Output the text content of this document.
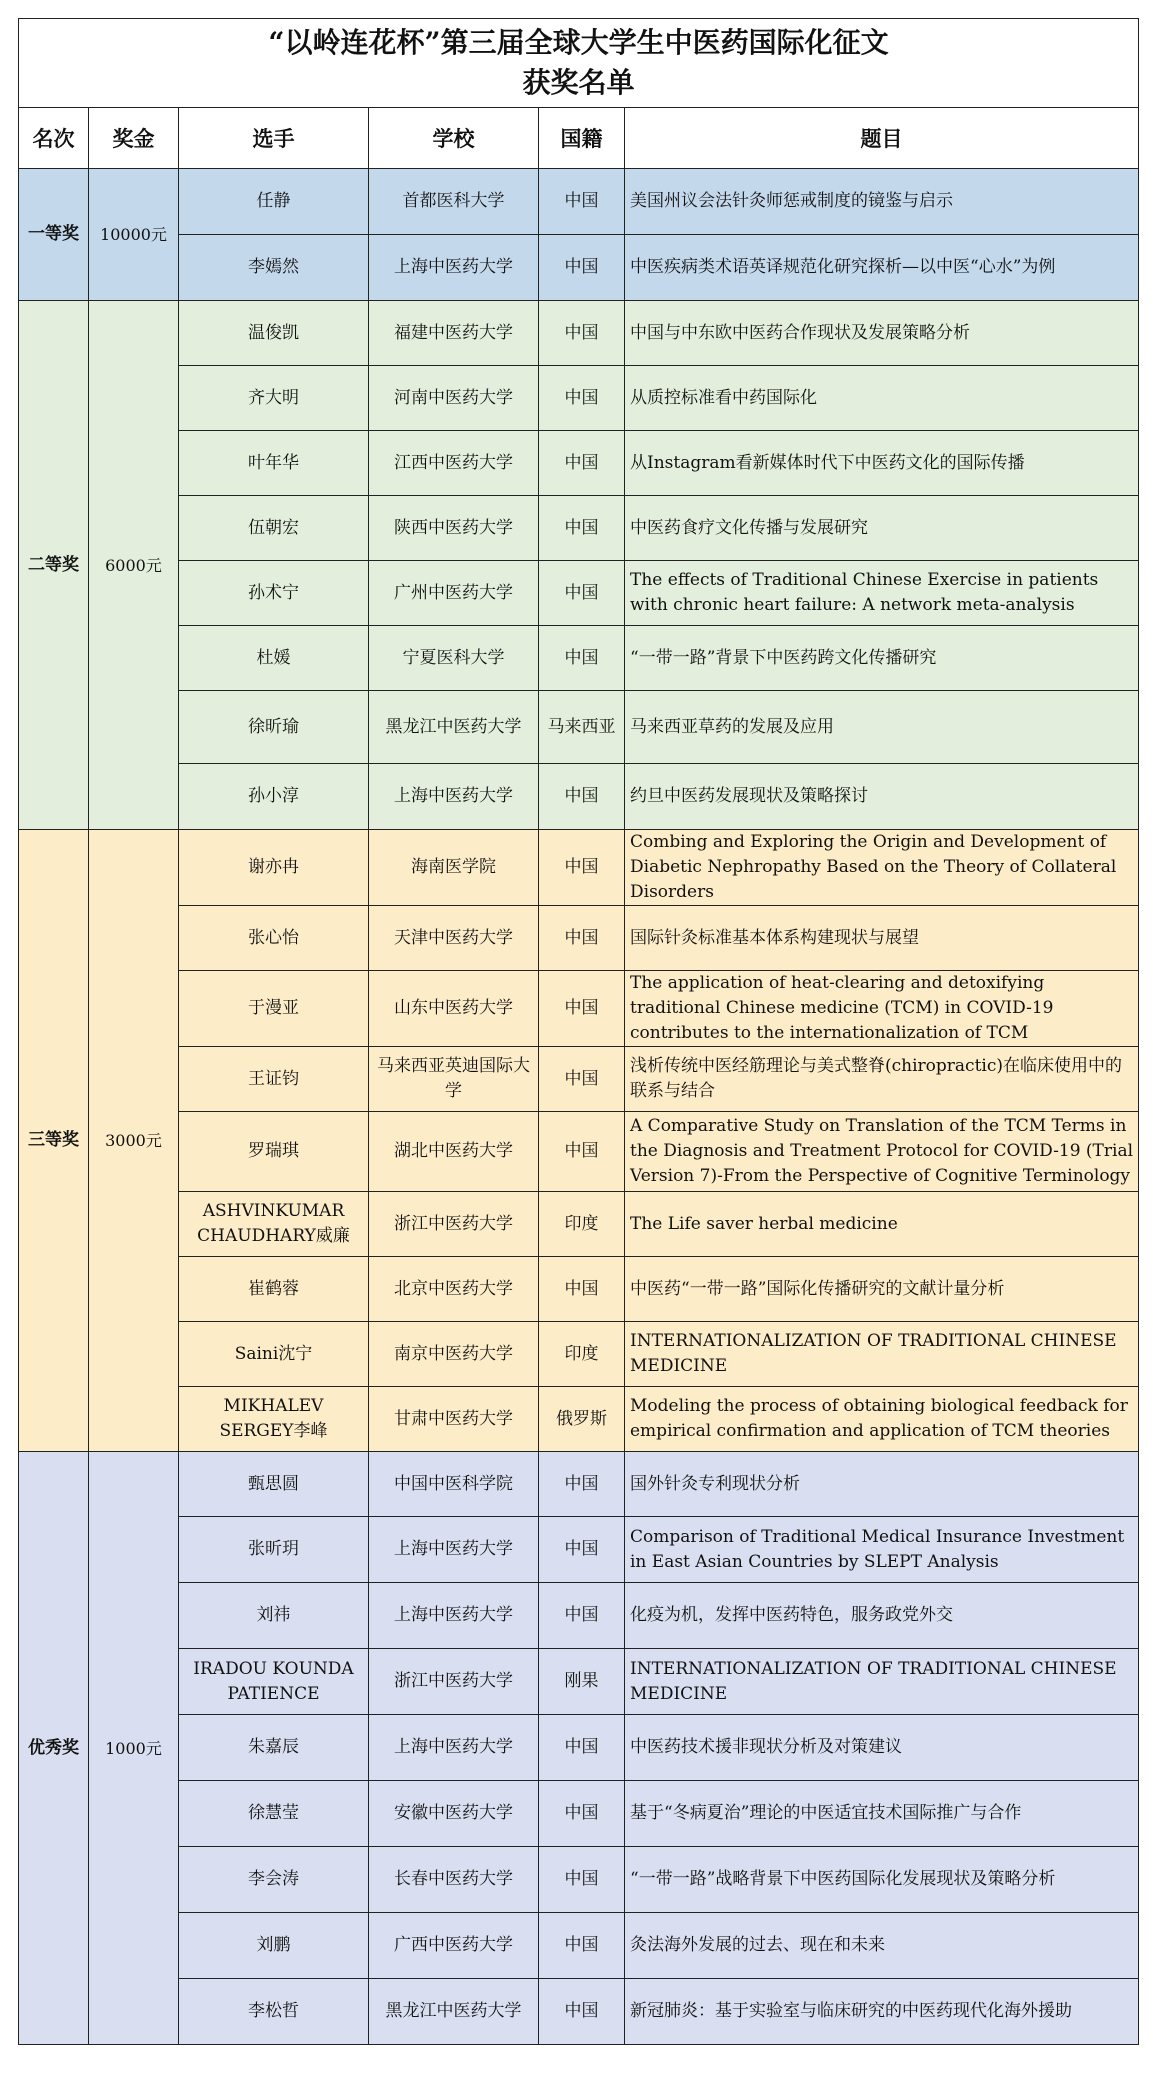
“以岭连花杯”第三届全球大学生中医药国际化征文
获奖名单					

名次	奖金	选手	学校	国籍	题目
一等奖	10000元	任静	首都医科大学	中国	美国州议会法针灸师惩戒制度的镜鉴与启示
		李嫣然	上海中医药大学	中国	中医疾病类术语英译规范化研究探析—以中医“心水”为例
二等奖	6000元	温俊凯	福建中医药大学	中国	中国与中东欧中医药合作现状及发展策略分析
		齐大明	河南中医药大学	中国	从质控标准看中药国际化
		叶年华	江西中医药大学	中国	从Instagram看新媒体时代下中医药文化的国际传播
		伍朝宏	陕西中医药大学	中国	中医药食疗文化传播与发展研究
		孙术宁	广州中医药大学	中国	The effects of Traditional Chinese Exercise in patients with chronic heart failure: A network meta-analysis
		杜媛	宁夏医科大学	中国	“一带一路”背景下中医药跨文化传播研究
		徐昕瑜	黑龙江中医药大学	马来西亚	马来西亚草药的发展及应用
		孙小淳	上海中医药大学	中国	约旦中医药发展现状及策略探讨
三等奖	3000元	谢亦冉	海南医学院	中国	Combing and Exploring the Origin and Development of Diabetic Nephropathy Based on the Theory of Collateral Disorders
		张心怡	天津中医药大学	中国	国际针灸标准基本体系构建现状与展望
		于漫亚	山东中医药大学	中国	The application of heat-clearing and detoxifying traditional Chinese medicine (TCM) in COVID-19 contributes to the internationalization of TCM
		王证钧	马来西亚英迪国际大学	中国	浅析传统中医经筋理论与美式整脊(chiropractic)在临床使用中的联系与结合
		罗瑞琪	湖北中医药大学	中国	A Comparative Study on Translation of the TCM Terms in the Diagnosis and Treatment Protocol for COVID-19 (Trial Version 7)-From the Perspective of Cognitive Terminology
		ASHVINKUMAR CHAUDHARY威廉	浙江中医药大学	印度	The Life saver herbal medicine
		崔鹤蓉	北京中医药大学	中国	中医药“一带一路”国际化传播研究的文献计量分析
		Saini沈宁	南京中医药大学	印度	INTERNATIONALIZATION OF TRADITIONAL CHINESE MEDICINE
		MIKHALEV SERGEY李峰	甘肃中医药大学	俄罗斯	Modeling the process of obtaining biological feedback for empirical confirmation and application of TCM theories
优秀奖	1000元	甄思圆	中国中医科学院	中国	国外针灸专利现状分析
		张昕玥	上海中医药大学	中国	Comparison of Traditional Medical Insurance Investment in East Asian Countries by SLEPT Analysis
		刘祎	上海中医药大学	中国	化疫为机，发挥中医药特色，服务政党外交
		IRADOU KOUNDA PATIENCE	浙江中医药大学	刚果	INTERNATIONALIZATION OF TRADITIONAL CHINESE MEDICINE
		朱嘉辰	上海中医药大学	中国	中医药技术援非现状分析及对策建议
		徐慧莹	安徽中医药大学	中国	基于“冬病夏治”理论的中医适宜技术国际推广与合作
		李会涛	长春中医药大学	中国	“一带一路”战略背景下中医药国际化发展现状及策略分析
		刘鹏	广西中医药大学	中国	灸法海外发展的过去、现在和未来
		李松哲	黑龙江中医药大学	中国	新冠肺炎：基于实验室与临床研究的中医药现代化海外援助
